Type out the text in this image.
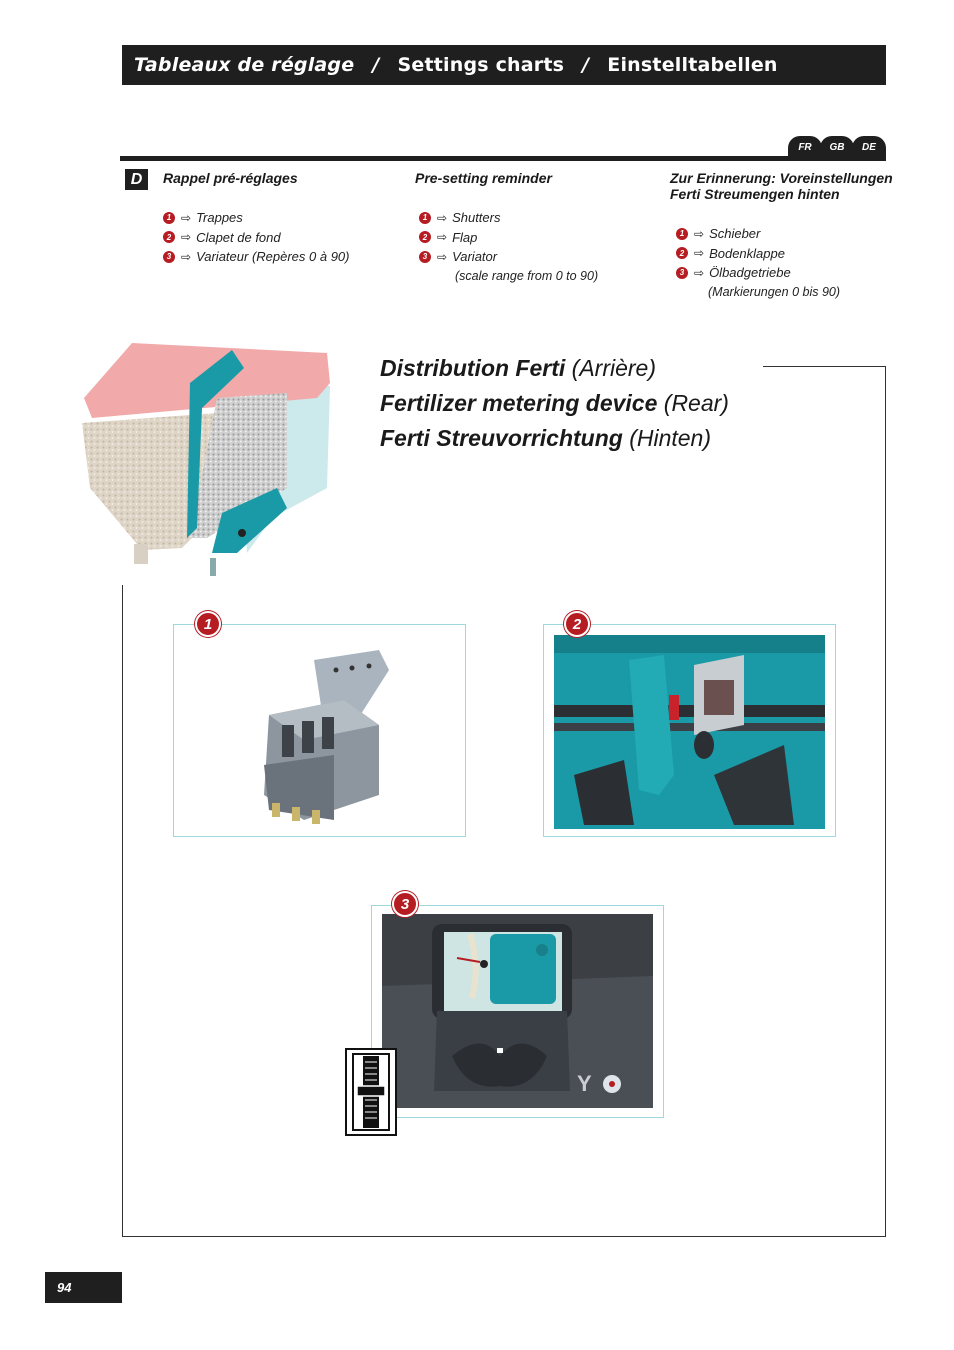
Tableaux de réglage / Settings charts / Einstelltabellen
FR	GB	DE
D	Rappel pré-réglages
1 ⇨ Trappes
2 ⇨ Clapet de fond
3 ⇨ Variateur (Repères 0 à 90)
Pre-setting reminder
1 ⇨ Shutters
2 ⇨ Flap
3 ⇨ Variator
(scale range from 0 to 90)
Zur Erinnerung: Voreinstellungen
Ferti Streumengen hinten
1 ⇨ Schieber
2 ⇨ Bodenklappe
3 ⇨ Ölbadgetriebe
(Markierungen 0 bis 90)
Distribution Ferti (Arrière)
Fertilizer metering device (Rear)
Ferti Streuvorrichtung (Hinten)
1	2
Y
3
94
